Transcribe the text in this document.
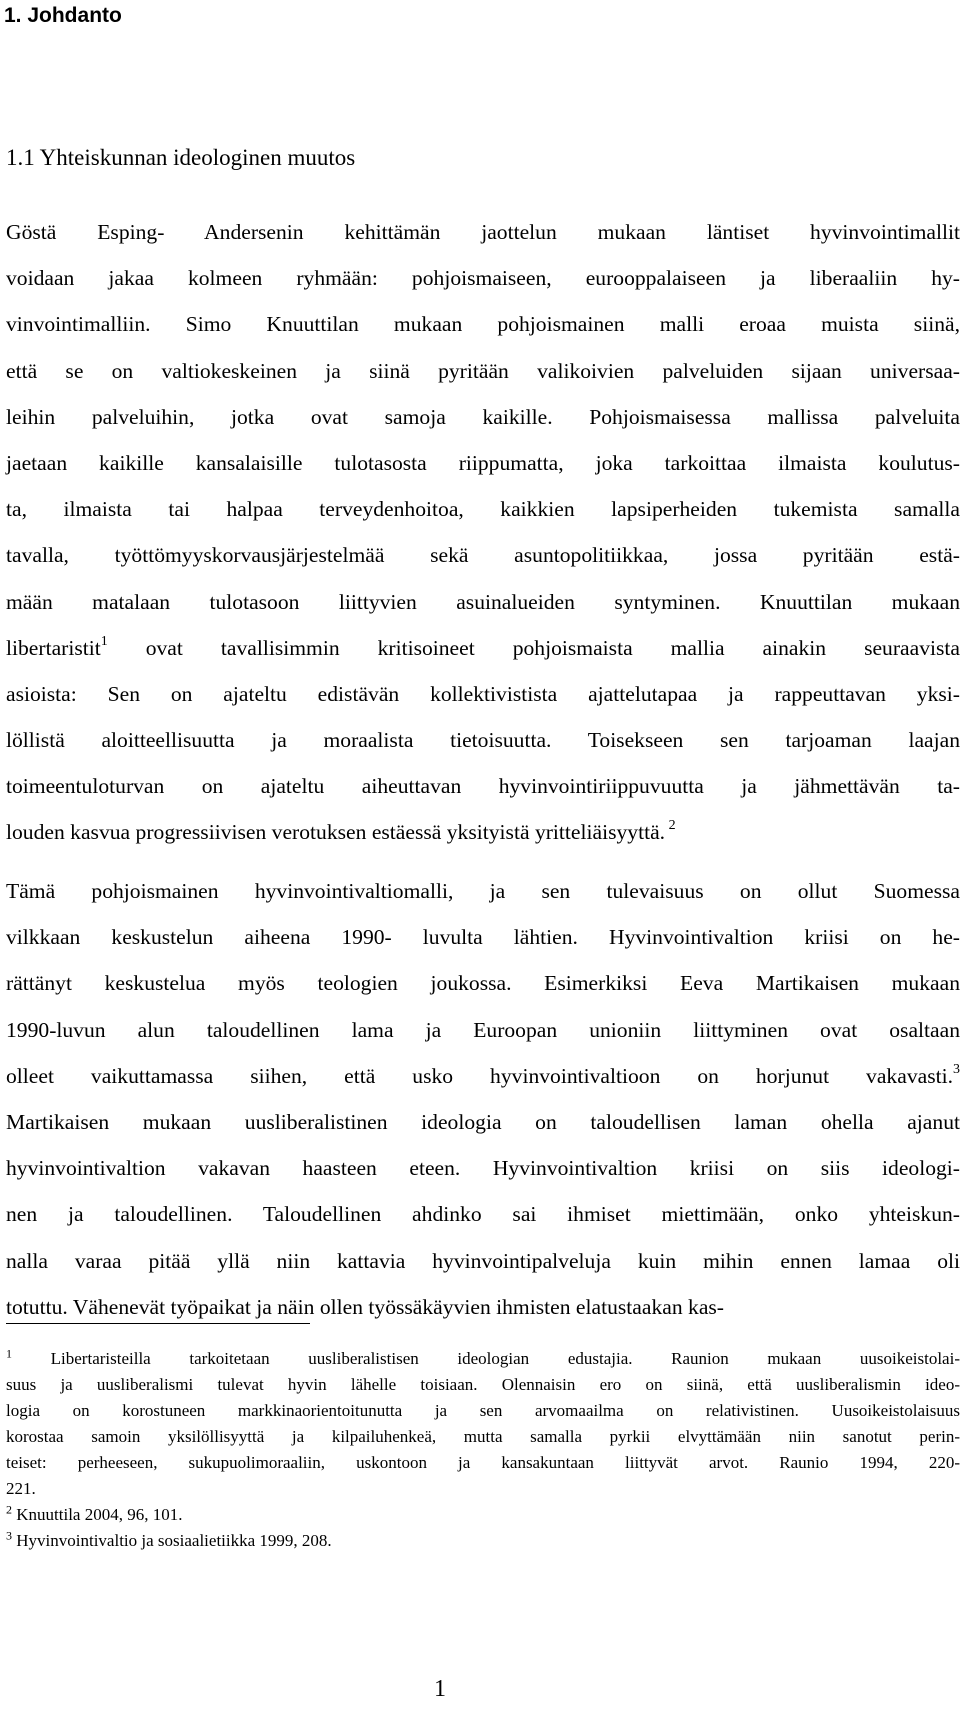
1. Johdanto
1.1 Yhteiskunnan ideologinen muutos
Göstä Esping- Andersenin kehittämän jaottelun mukaan läntiset hyvinvointimallit
voidaan jakaa kolmeen ryhmään: pohjoismaiseen, eurooppalaiseen ja liberaaliin hy-
vinvointimalliin. Simo Knuuttilan mukaan pohjoismainen malli eroaa muista siinä,
että se on valtiokeskeinen ja siinä pyritään valikoivien palveluiden sijaan universaa-
leihin palveluihin, jotka ovat samoja kaikille. Pohjoismaisessa mallissa palveluita
jaetaan kaikille kansalaisille tulotasosta riippumatta, joka tarkoittaa ilmaista koulutus-
ta, ilmaista tai halpaa terveydenhoitoa, kaikkien lapsiperheiden tukemista samalla
tavalla, työttömyyskorvausjärjestelmää sekä asuntopolitiikkaa, jossa pyritään estä-
mään matalaan tulotasoon liittyvien asuinalueiden syntyminen. Knuuttilan mukaan
libertaristit$^1$ ovat tavallisimmin kritisoineet pohjoismaista mallia ainakin seuraavista
asioista: Sen on ajateltu edistävän kollektivistista ajattelutapaa ja rappeuttavan yksi-
löllistä aloitteellisuutta ja moraalista tietoisuutta. Toisekseen sen tarjoaman laajan
toimeentuloturvan on ajateltu aiheuttavan hyvinvointiriippuvuutta ja jähmettävän ta-
louden kasvua progressiivisen verotuksen estäessä yksityistä yritteliäisyyttä. $^2$
Tämä pohjoismainen hyvinvointivaltiomalli, ja sen tulevaisuus on ollut Suomessa
vilkkaan keskustelun aiheena 1990- luvulta lähtien. Hyvinvointivaltion kriisi on he-
rättänyt keskustelua myös teologien joukossa. Esimerkiksi Eeva Martikaisen mukaan
1990-luvun alun taloudellinen lama ja Euroopan unioniin liittyminen ovat osaltaan
olleet vaikuttamassa siihen, että usko hyvinvointivaltioon on horjunut vakavasti.$^3$
Martikaisen mukaan uusliberalistinen ideologia on taloudellisen laman ohella ajanut
hyvinvointivaltion vakavan haasteen eteen. Hyvinvointivaltion kriisi on siis ideologi-
nen ja taloudellinen. Taloudellinen ahdinko sai ihmiset miettimään, onko yhteiskun-
nalla varaa pitää yllä niin kattavia hyvinvointipalveluja kuin mihin ennen lamaa oli
totuttu. Vähenevät työpaikat ja näin ollen työssäkäyvien ihmisten elatustaakan kas-
$^1$ Libertaristeilla tarkoitetaan uusliberalistisen ideologian edustajia. Raunion mukaan uusoikeistolai-
suus ja uusliberalismi tulevat hyvin lähelle toisiaan. Olennaisin ero on siinä, että uusliberalismin ideo-
logia on korostuneen markkinaorientoitunutta ja sen arvomaailma on relativistinen. Uusoikeistolaisuus
korostaa samoin yksilöllisyyttä ja kilpailuhenkeä, mutta samalla pyrkii elvyttämään niin sanotut perin-
teiset: perheeseen, sukupuolimoraaliin, uskontoon ja kansakuntaan liittyvät arvot. Raunio 1994, 220-
221.
$^2$ Knuuttila 2004, 96, 101.
$^3$ Hyvinvointivaltio ja sosiaalietiikka 1999, 208.
1
